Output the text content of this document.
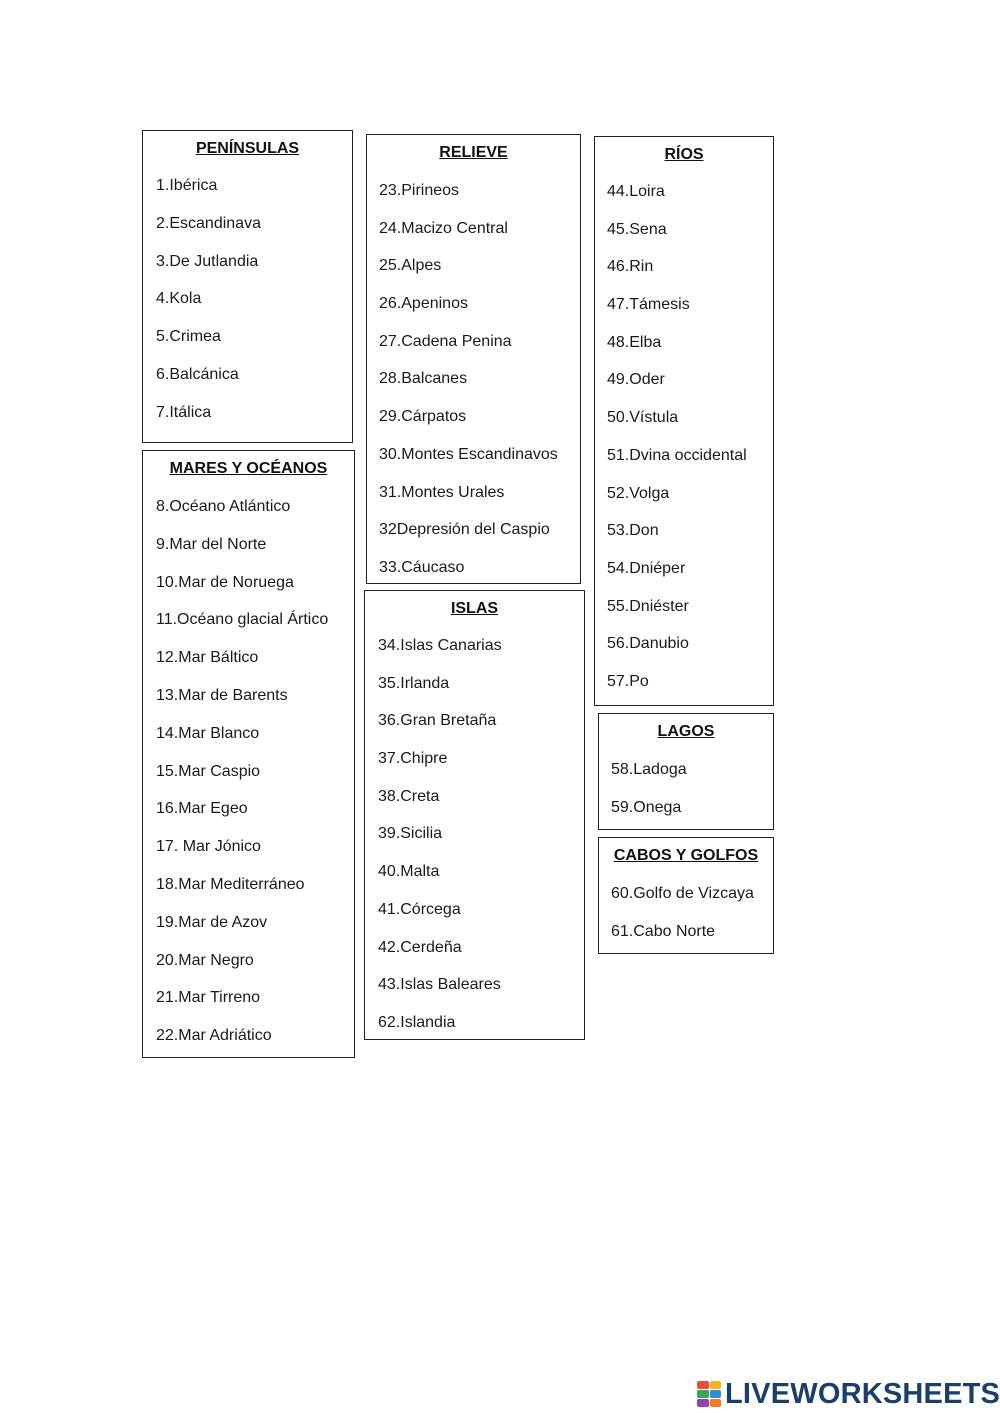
PENÍNSULAS
1.Ibérica
2.Escandinava
3.De Jutlandia
4.Kola
5.Crimea
6.Balcánica
7.Itálica
MARES Y OCÉANOS
8.Océano Atlántico
9.Mar del Norte
10.Mar de Noruega
11.Océano glacial Ártico
12.Mar Báltico
13.Mar de Barents
14.Mar Blanco
15.Mar Caspio
16.Mar Egeo
17. Mar Jónico
18.Mar Mediterráneo
19.Mar de Azov
20.Mar Negro
21.Mar Tirreno
22.Mar Adriático
RELIEVE
23.Pirineos
24.Macizo Central
25.Alpes
26.Apeninos
27.Cadena Penina
28.Balcanes
29.Cárpatos
30.Montes Escandinavos
31.Montes Urales
32Depresión del Caspio
33.Cáucaso
ISLAS
34.Islas Canarias
35.Irlanda
36.Gran Bretaña
37.Chipre
38.Creta
39.Sicilia
40.Malta
41.Córcega
42.Cerdeña
43.Islas Baleares
62.Islandia
RÍOS
44.Loira
45.Sena
46.Rin
47.Támesis
48.Elba
49.Oder
50.Vístula
51.Dvina occidental
52.Volga
53.Don
54.Dniéper
55.Dniéster
56.Danubio
57.Po
LAGOS
58.Ladoga
59.Onega
CABOS Y GOLFOS
60.Golfo de Vizcaya
61.Cabo Norte
LIVEWORKSHEETS
